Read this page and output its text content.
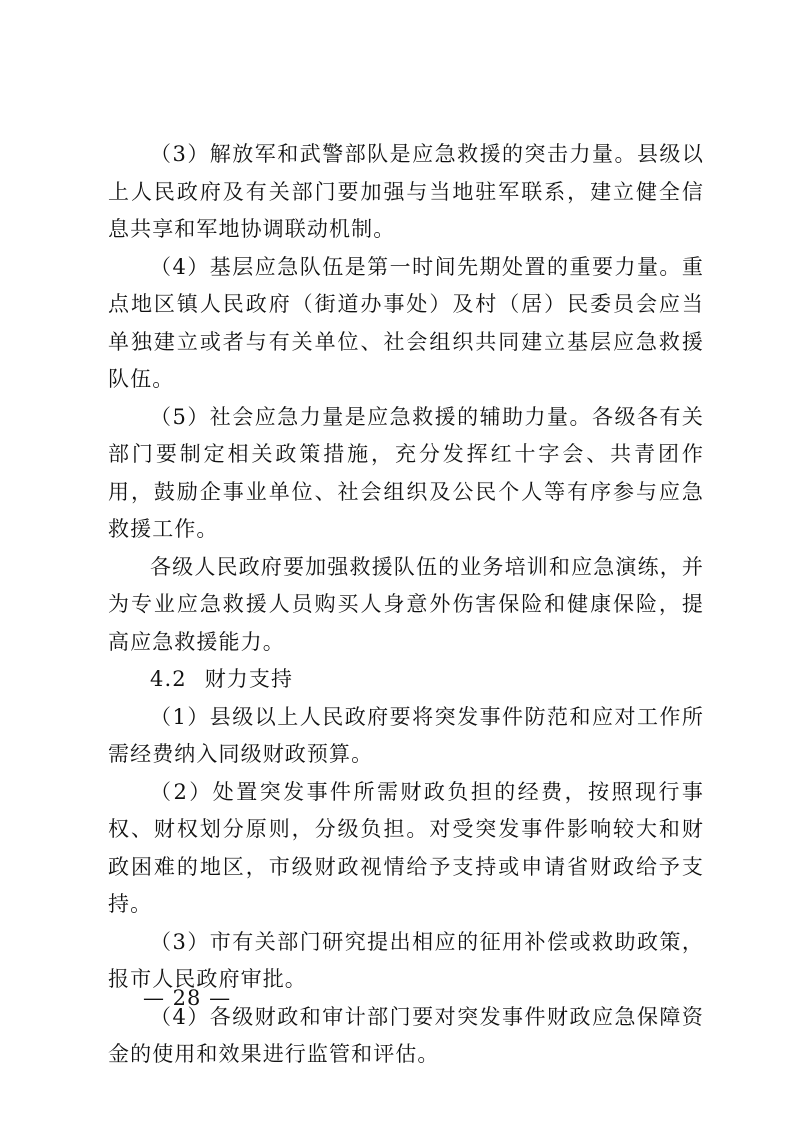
（3）解放军和武警部队是应急救援的突击力量。县级以上人民政府及有关部门要加强与当地驻军联系，建立健全信息共享和军地协调联动机制。

（4）基层应急队伍是第一时间先期处置的重要力量。重点地区镇人民政府（街道办事处）及村（居）民委员会应当单独建立或者与有关单位、社会组织共同建立基层应急救援队伍。

（5）社会应急力量是应急救援的辅助力量。各级各有关部门要制定相关政策措施，充分发挥红十字会、共青团作用，鼓励企事业单位、社会组织及公民个人等有序参与应急救援工作。

各级人民政府要加强救援队伍的业务培训和应急演练，并为专业应急救援人员购买人身意外伤害保险和健康保险，提高应急救援能力。

4.2 财力支持

（1）县级以上人民政府要将突发事件防范和应对工作所需经费纳入同级财政预算。

（2）处置突发事件所需财政负担的经费，按照现行事权、财权划分原则，分级负担。对受突发事件影响较大和财政困难的地区，市级财政视情给予支持或申请省财政给予支持。

（3）市有关部门研究提出相应的征用补偿或救助政策，报市人民政府审批。

（4）各级财政和审计部门要对突发事件财政应急保障资金的使用和效果进行监管和评估。

— 28 —
